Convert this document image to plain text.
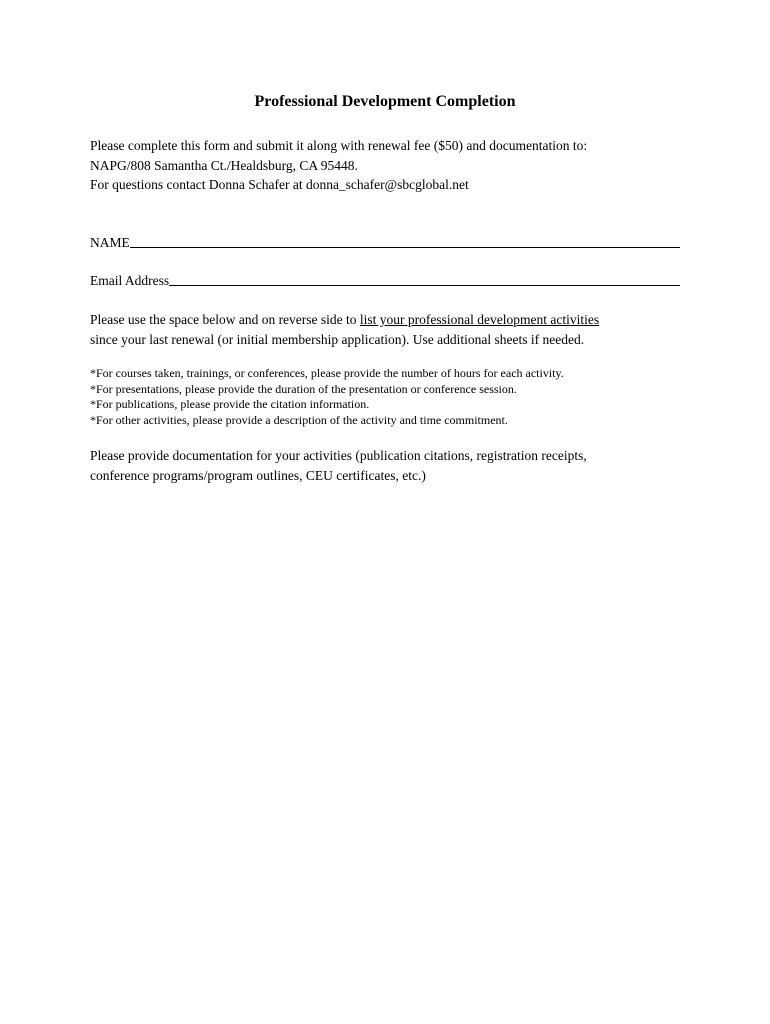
Professional Development Completion
Please complete this form and submit it along with renewal fee ($50) and documentation to:
NAPG/808 Samantha Ct./Healdsburg, CA 95448.
For questions contact Donna Schafer at donna_schafer@sbcglobal.net
NAME
Email Address
Please use the space below and on reverse side to list your professional development activities
since your last renewal (or initial membership application). Use additional sheets if needed.
*For courses taken, trainings, or conferences, please provide the number of hours for each activity.
*For presentations, please provide the duration of the presentation or conference session.
*For publications, please provide the citation information.
*For other activities, please provide a description of the activity and time commitment.
Please provide documentation for your activities (publication citations, registration receipts,
conference programs/program outlines, CEU certificates, etc.)
